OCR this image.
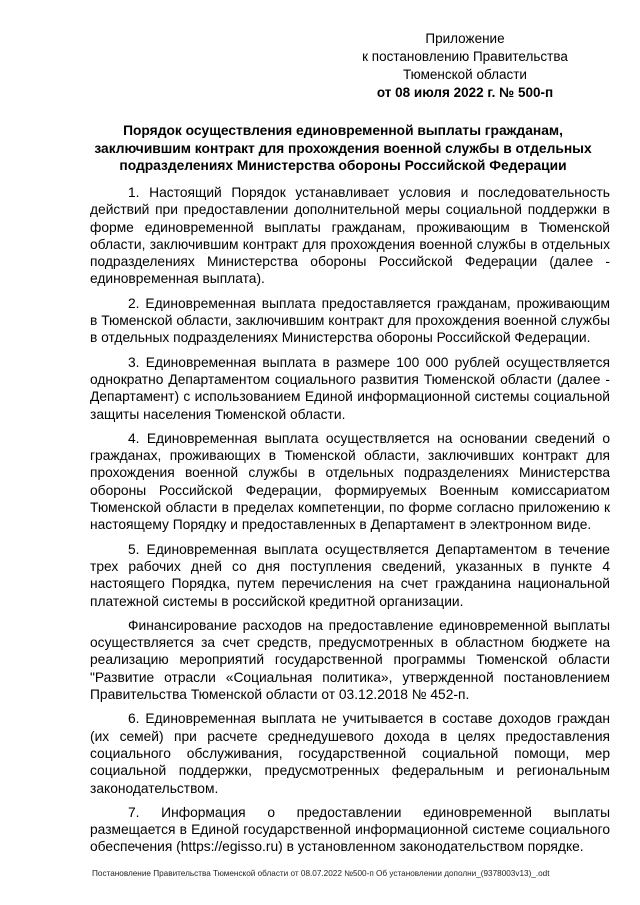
Приложение
к постановлению Правительства
Тюменской области
от 08 июля 2022 г. № 500-п
Порядок осуществления единовременной выплаты гражданам, заключившим контракт для прохождения военной службы в отдельных подразделениях Министерства обороны Российской Федерации

1. Настоящий Порядок устанавливает условия и последовательность действий при предоставлении дополнительной меры социальной поддержки в форме единовременной выплаты гражданам, проживающим в Тюменской области, заключившим контракт для прохождения военной службы в отдельных подразделениях Министерства обороны Российской Федерации (далее - единовременная выплата).

2. Единовременная выплата предоставляется гражданам, проживающим в Тюменской области, заключившим контракт для прохождения военной службы в отдельных подразделениях Министерства обороны Российской Федерации.

3. Единовременная выплата в размере 100 000 рублей осуществляется однократно Департаментом социального развития Тюменской области (далее - Департамент) с использованием Единой информационной системы социальной защиты населения Тюменской области.

4. Единовременная выплата осуществляется на основании сведений о гражданах, проживающих в Тюменской области, заключивших контракт для прохождения военной службы в отдельных подразделениях Министерства обороны Российской Федерации, формируемых Военным комиссариатом Тюменской области в пределах компетенции, по форме согласно приложению к настоящему Порядку и предоставленных в Департамент в электронном виде.

5. Единовременная выплата осуществляется Департаментом в течение трех рабочих дней со дня поступления сведений, указанных в пункте 4 настоящего Порядка, путем перечисления на счет гражданина национальной платежной системы в российской кредитной организации.

Финансирование расходов на предоставление единовременной выплаты осуществляется за счет средств, предусмотренных в областном бюджете на реализацию мероприятий государственной программы Тюменской области "Развитие отрасли «Социальная политика», утвержденной постановлением Правительства Тюменской области от 03.12.2018 № 452-п.

6. Единовременная выплата не учитывается в составе доходов граждан (их семей) при расчете среднедушевого дохода в целях предоставления социального обслуживания, государственной социальной помощи, мер социальной поддержки, предусмотренных федеральным и региональным законодательством.

7. Информация о предоставлении единовременной выплаты размещается в Единой государственной информационной системе социального обеспечения (https://egisso.ru) в установленном законодательством порядке.

Постановление Правительства Тюменской области от 08.07.2022 №500-п Об установлении дополни_(9378003v13)_.odt
